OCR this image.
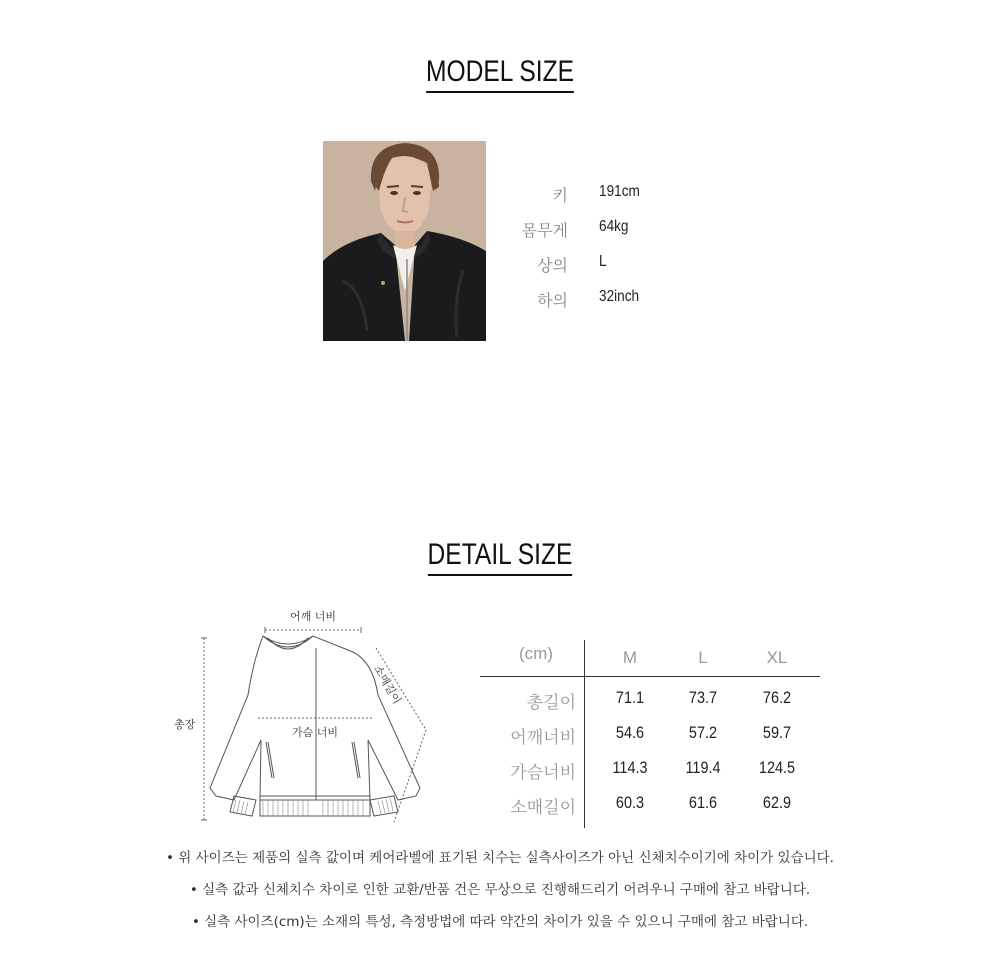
MODEL SIZE
키 191cm
몸무게 64kg
상의 L
하의 32inch
DETAIL SIZE
어깨 너비
총장
가슴 너비
소매길이
(cm)	M	L	XL
총길이	71.1	73.7	76.2
어깨너비	54.6	57.2	59.7
가슴너비	114.3	119.4	124.5
소매길이	60.3	61.6	62.9
• 위 사이즈는 제품의 실측 값이며 케어라벨에 표기된 치수는 실측사이즈가 아닌 신체치수이기에 차이가 있습니다.
• 실측 값과 신체치수 차이로 인한 교환/반품 건은 무상으로 진행해드리기 어려우니 구매에 참고 바랍니다.
• 실측 사이즈(cm)는 소재의 특성, 측정방법에 따라 약간의 차이가 있을 수 있으니 구매에 참고 바랍니다.
